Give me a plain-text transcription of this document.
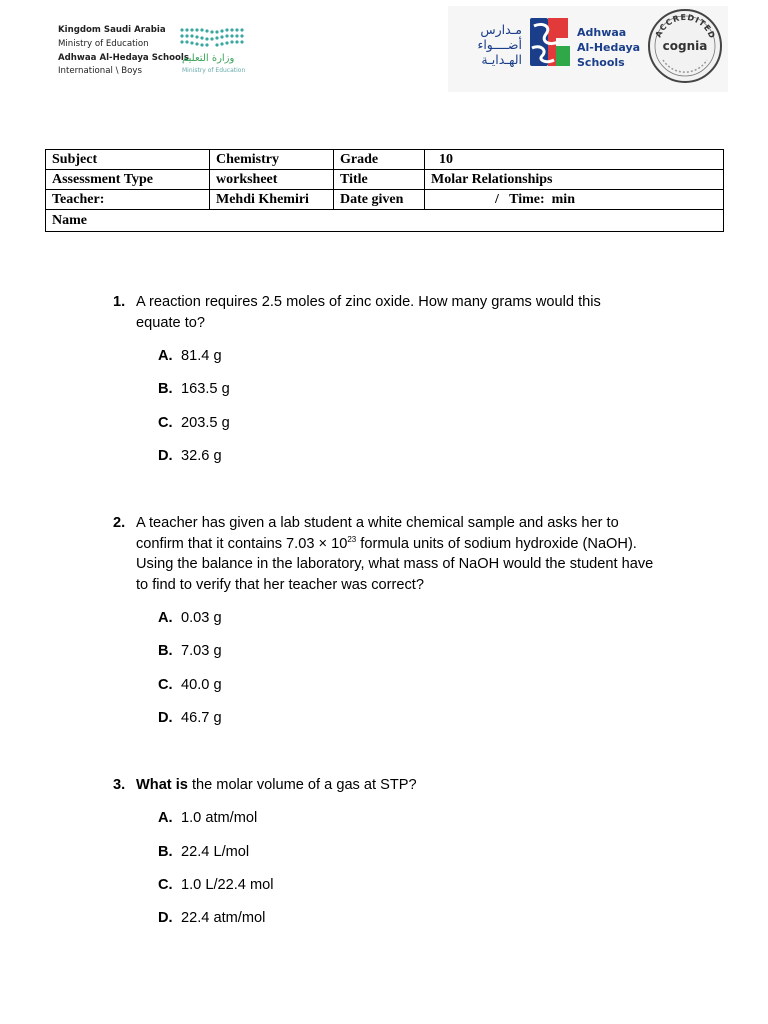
Kingdom Saudi Arabia
Ministry of Education
Adhwaa Al-Hedaya Schools
International \ Boys
وزارة التعليم
Ministry of Education
مـدارس
أضــــواء
الهـدايـة
Adhwaa
Al-Hedaya
Schools
ACCREDITED
cognia
Subject	Chemistry	Grade	10
Assessment Type	worksheet	Title	Molar Relationships
Teacher:	Mehdi Khemiri	Date given	/   Time:  min
Name			
1. A reaction requires 2.5 moles of zinc oxide. How many grams would this
equate to?
A. 81.4 g
B. 163.5 g
C. 203.5 g
D. 32.6 g
2. A teacher has given a lab student a white chemical sample and asks her to
confirm that it contains $7.03 \times 10^{23}$ formula units of sodium hydroxide (NaOH).
Using the balance in the laboratory, what mass of NaOH would the student have
to find to verify that her teacher was correct?
A. 0.03 g
B. 7.03 g
C. 40.0 g
D. 46.7 g
3. What is the molar volume of a gas at STP?
A. 1.0 atm/mol
B. 22.4 L/mol
C. 1.0 L/22.4 mol
D. 22.4 atm/mol
